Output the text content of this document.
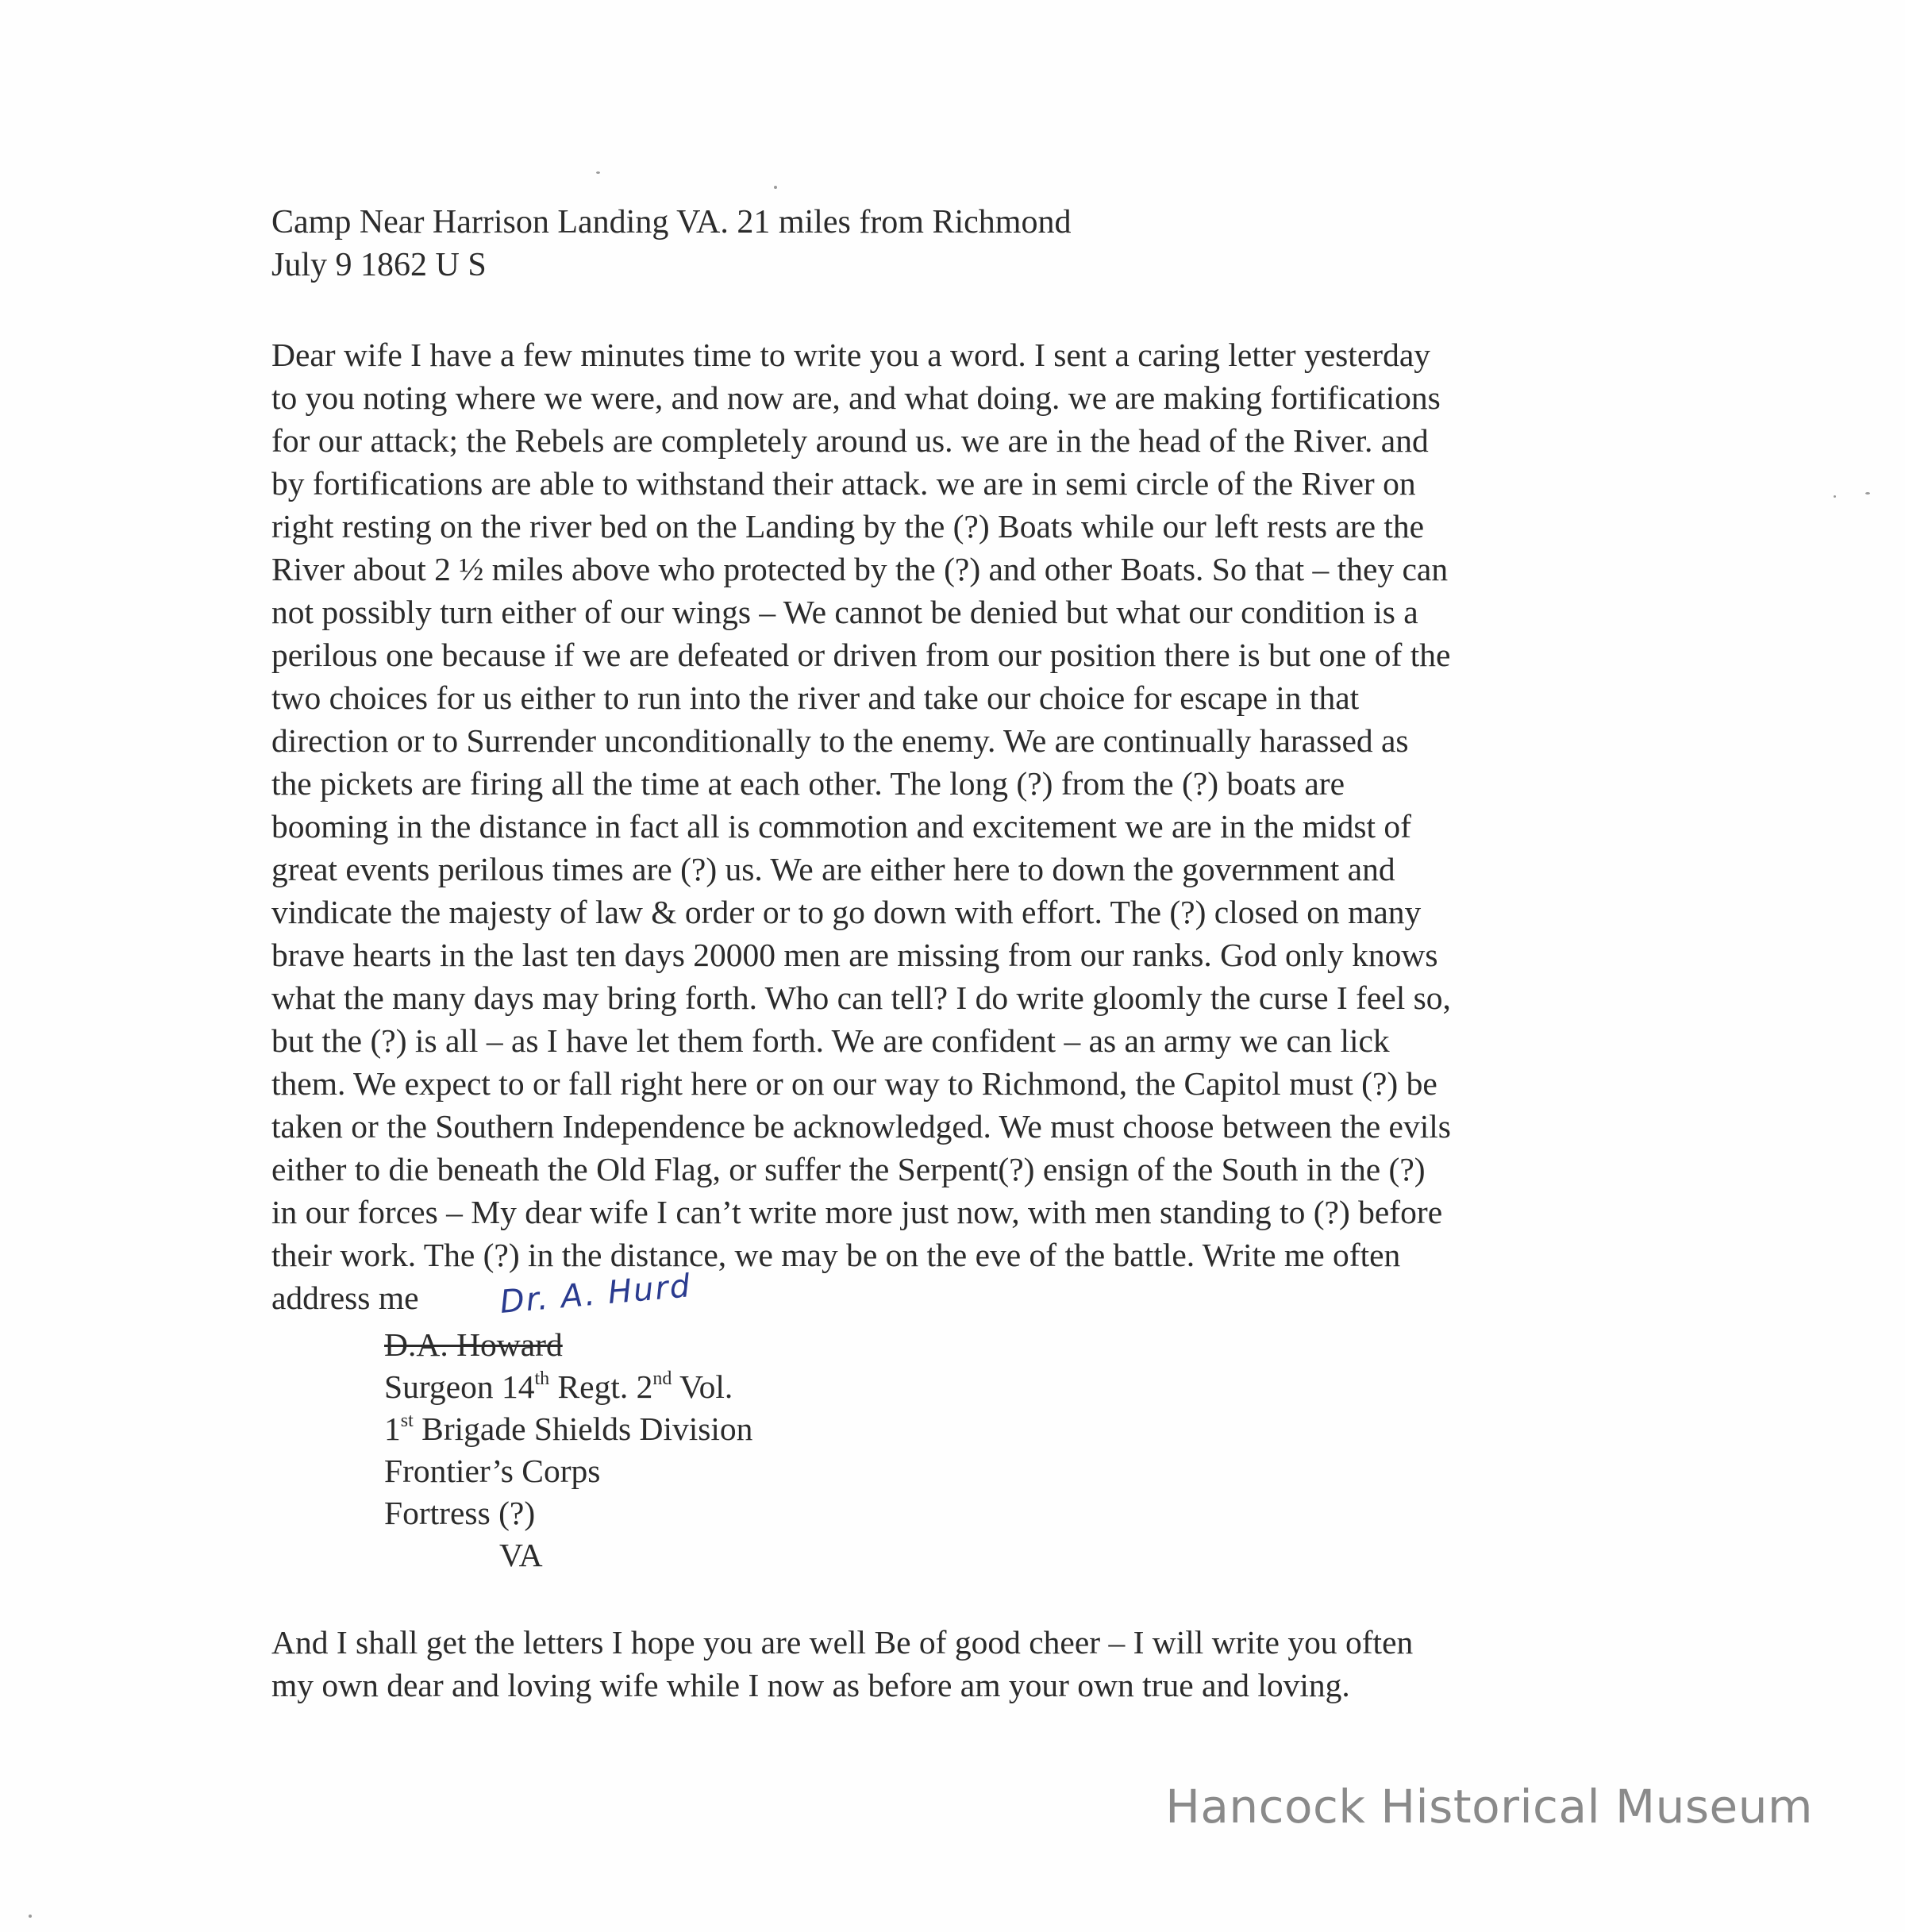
Camp Near Harrison Landing VA. 21 miles from Richmond
July 9 1862 U S
Dear wife I have a few minutes time to write you a word. I sent a caring letter yesterday
to you noting where we were, and now are, and what doing. we are making fortifications
for our attack; the Rebels are completely around us. we are in the head of the River. and
by fortifications are able to withstand their attack. we are in semi circle of the River on
right resting on the river bed on the Landing by the (?) Boats while our left rests are the
River about 2 ½ miles above who protected by the (?) and other Boats. So that – they can
not possibly turn either of our wings – We cannot be denied but what our condition is a
perilous one because if we are defeated or driven from our position there is but one of the
two choices for us either to run into the river and take our choice for escape in that
direction or to Surrender unconditionally to the enemy. We are continually harassed as
the pickets are firing all the time at each other. The long (?) from the (?) boats are
booming in the distance in fact all is commotion and excitement we are in the midst of
great events perilous times are (?) us. We are either here to down the government and
vindicate the majesty of law & order or to go down with effort. The (?) closed on many
brave hearts in the last ten days 20000 men are missing from our ranks. God only knows
what the many days may bring forth. Who can tell? I do write gloomly the curse I feel so,
but the (?) is all – as I have let them forth. We are confident – as an army we can lick
them. We expect to or fall right here or on our way to Richmond, the Capitol must (?) be
taken or the Southern Independence be acknowledged. We must choose between the evils
either to die beneath the Old Flag, or suffer the Serpent(?) ensign of the South in the (?)
in our forces – My dear wife I can’t write more just now, with men standing to (?) before
their work. The (?) in the distance, we may be on the eve of the battle. Write me often
address me	Dr. A. Hurd
D.A. Howard
Surgeon 14th Regt. 2nd Vol.
1st Brigade Shields Division
Frontier’s Corps
Fortress (?)
VA
And I shall get the letters I hope you are well Be of good cheer – I will write you often
my own dear and loving wife while I now as before am your own true and loving.
Hancock Historical Museum
